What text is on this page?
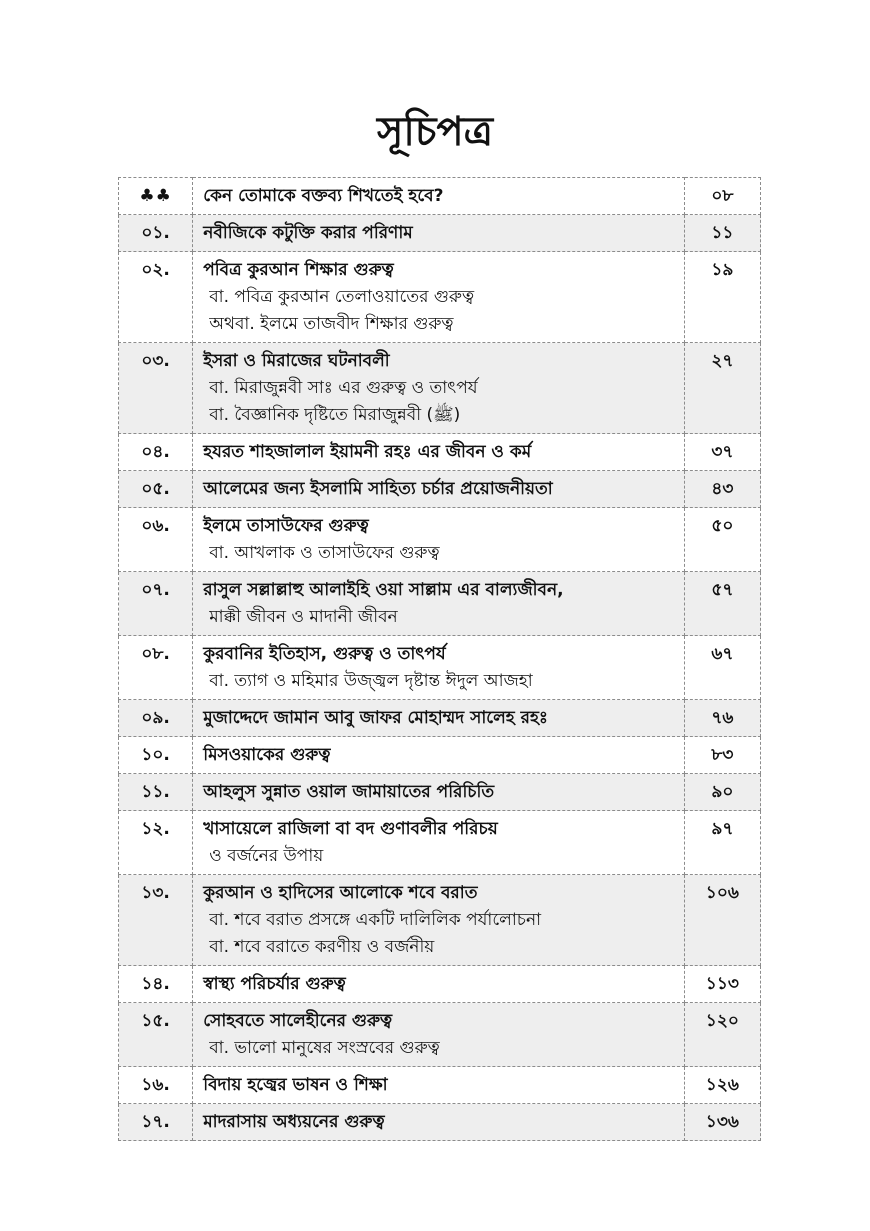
সূচিপত্র
♣♣	কেন তোমাকে বক্তব্য শিখতেই হবে?	০৮
০১.	নবীজিকে কটুক্তি করার পরিণাম	১১
০২.	পবিত্র কুরআন শিক্ষার গুরুত্ব
বা. পবিত্র কুরআন তেলাওয়াতের গুরুত্ব
অথবা. ইলমে তাজবীদ শিক্ষার গুরুত্ব	১৯
০৩.	ইসরা ও মিরাজের ঘটনাবলী
বা. মিরাজুন্নবী সাঃ এর গুরুত্ব ও তাৎপর্য
বা. বৈজ্ঞানিক দৃষ্টিতে মিরাজুন্নবী (ﷺ)	২৭
০৪.	হযরত শাহজালাল ইয়ামনী রহঃ এর জীবন ও কর্ম	৩৭
০৫.	আলেমের জন্য ইসলামি সাহিত্য চর্চার প্রয়োজনীয়তা	৪৩
০৬.	ইলমে তাসাউফের গুরুত্ব
বা. আখলাক ও তাসাউফের গুরুত্ব	৫০
০৭.	রাসুল সল্লাল্লাহু আলাইহি ওয়া সাল্লাম এর বাল্যজীবন,
মাক্কী জীবন ও মাদানী জীবন	৫৭
০৮.	কুরবানির ইতিহাস, গুরুত্ব ও তাৎপর্য
বা. ত্যাগ ও মহিমার উজ্জ্বল দৃষ্টান্ত ঈদুল আজহা	৬৭
০৯.	মুজাদ্দেদে জামান আবু জাফর মোহাম্মদ সালেহ রহঃ	৭৬
১০.	মিসওয়াকের গুরুত্ব	৮৩
১১.	আহলুস সুন্নাত ওয়াল জামায়াতের পরিচিতি	৯০
১২.	খাসায়েলে রাজিলা বা বদ গুণাবলীর পরিচয়
ও বর্জনের উপায়	৯৭
১৩.	কুরআন ও হাদিসের আলোকে শবে বরাত
বা. শবে বরাত প্রসঙ্গে একটি দালিলিক পর্যালোচনা
বা. শবে বরাতে করণীয় ও বর্জনীয়	১০৬
১৪.	স্বাস্থ্য পরিচর্যার গুরুত্ব	১১৩
১৫.	সোহবতে সালেহীনের গুরুত্ব
বা. ভালো মানুষের সংস্রবের গুরুত্ব	১২০
১৬.	বিদায় হজ্বের ভাষন ও শিক্ষা	১২৬
১৭.	মাদরাসায় অধ্যয়নের গুরুত্ব	১৩৬
